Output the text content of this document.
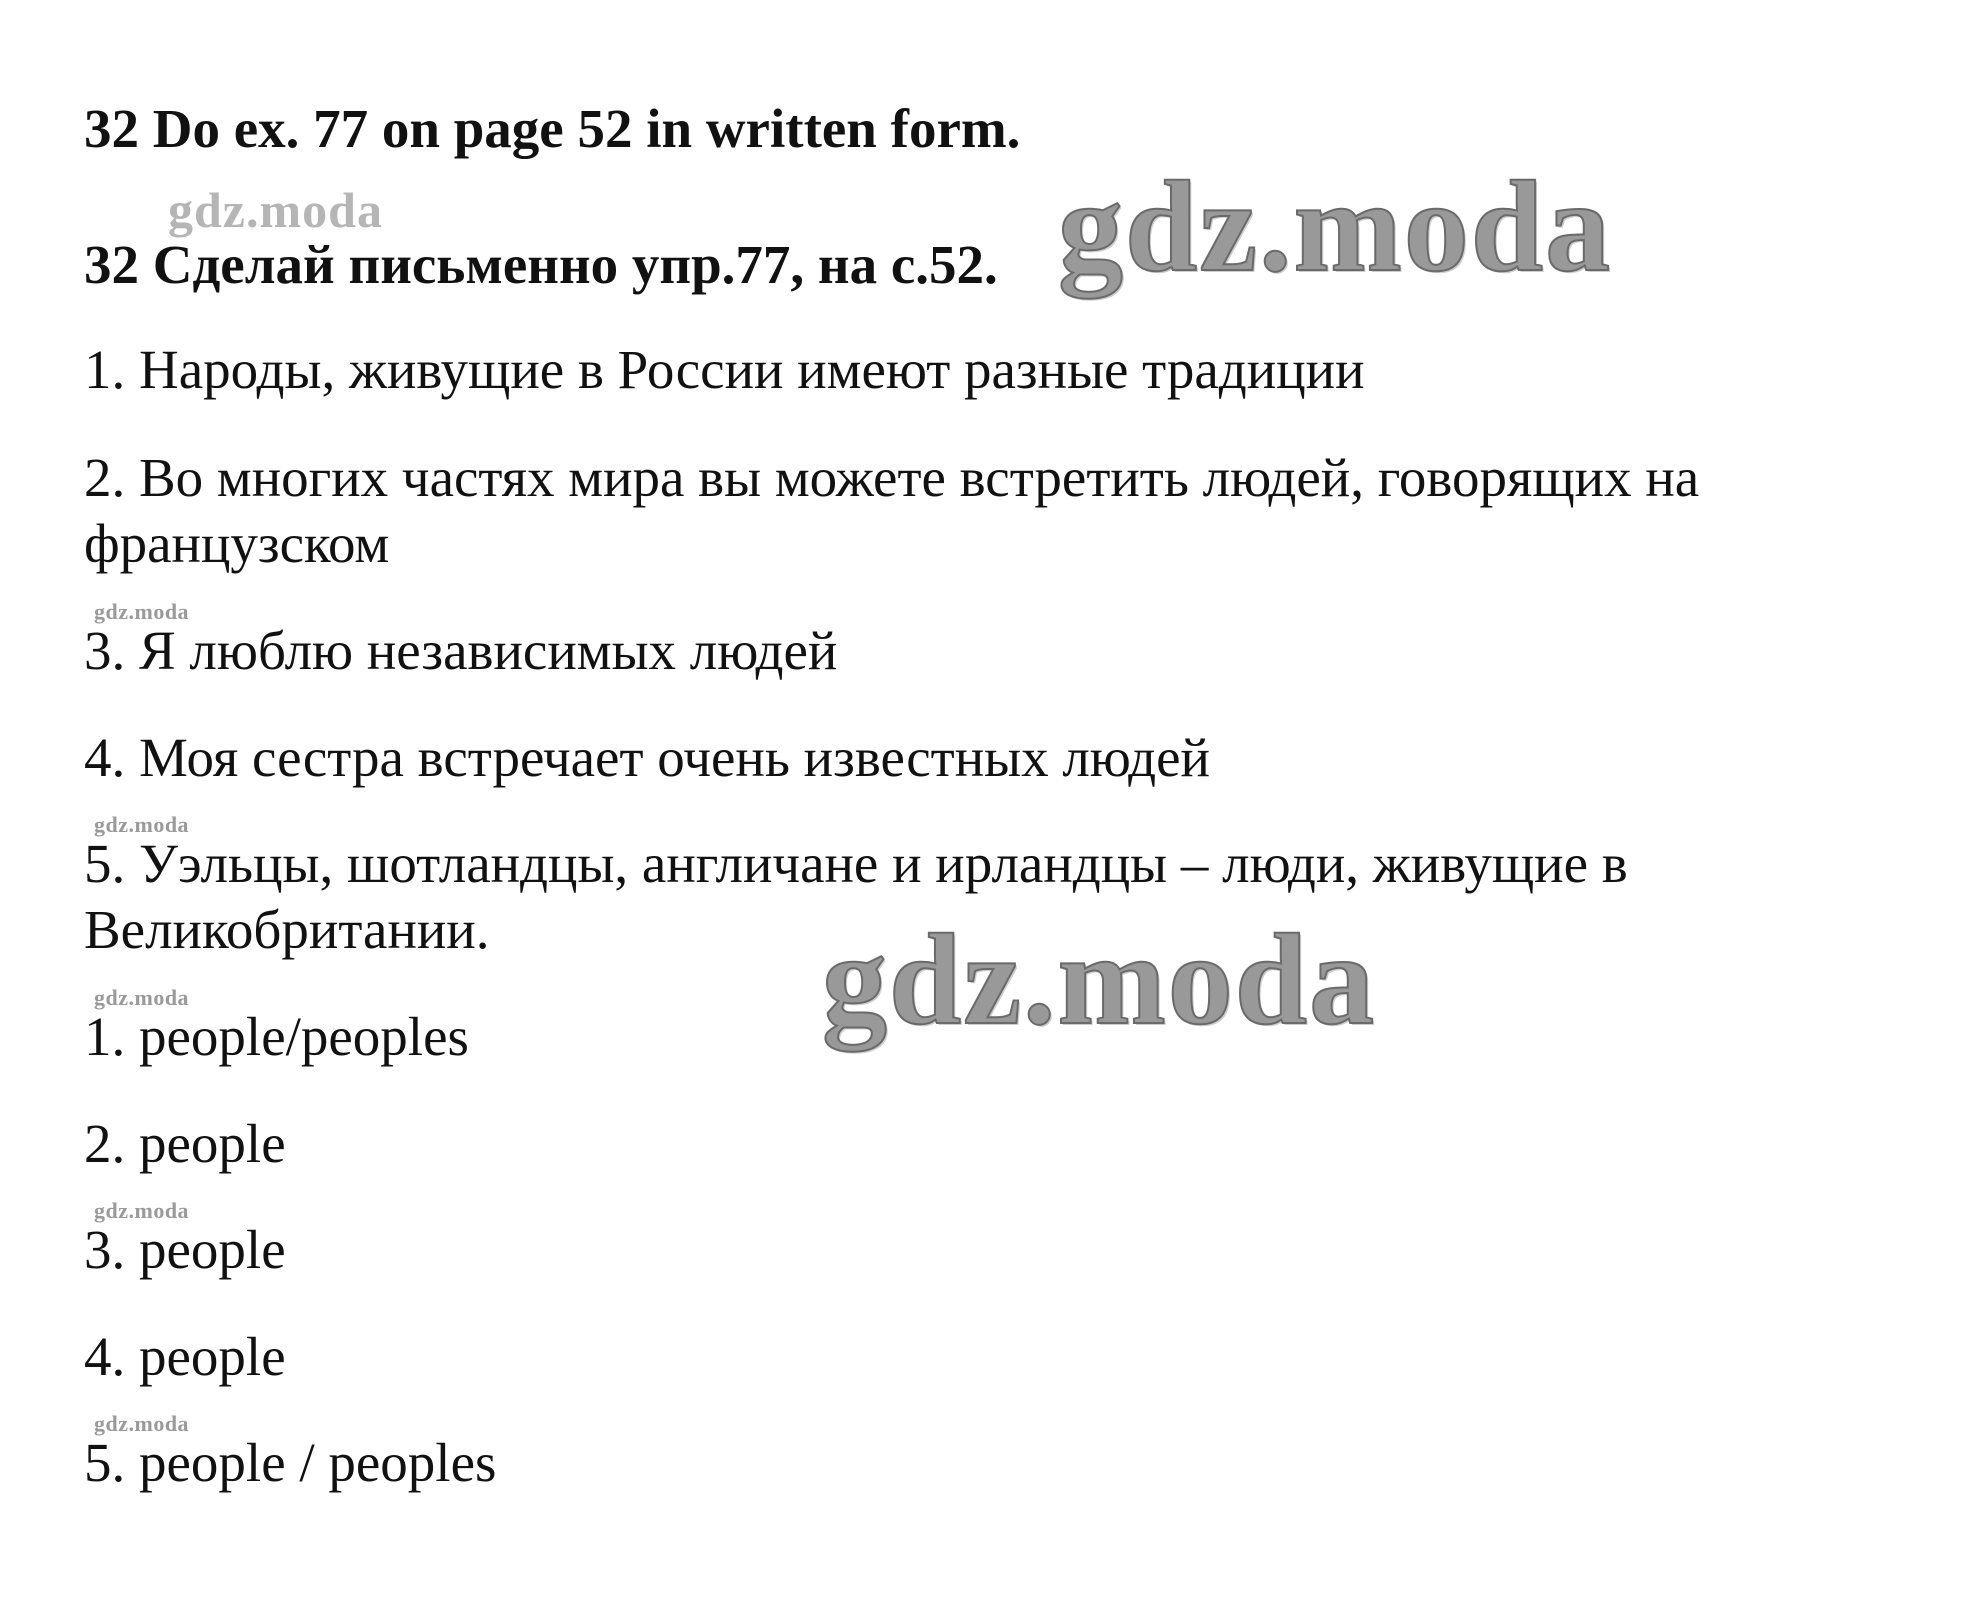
32 Do ex. 77 on page 52 in written form.

gdz.moda

32 Сделай письменно упр.77, на с.52. gdz.moda

1. Народы, живущие в России имеют разные традиции

2. Во многих частях мира вы можете встретить людей, говорящих на

французском

gdz.moda

3. Я люблю независимых людей

4. Моя сестра встречает очень известных людей

gdz.moda

5. Уэльцы, шотландцы, англичане и ирландцы – люди, живущие в

Великобритании.	gdz.moda
gdz.moda

1. people/peoples

2. people

gdz.moda

3. people

4. people

gdz.moda

5. people / peoples
